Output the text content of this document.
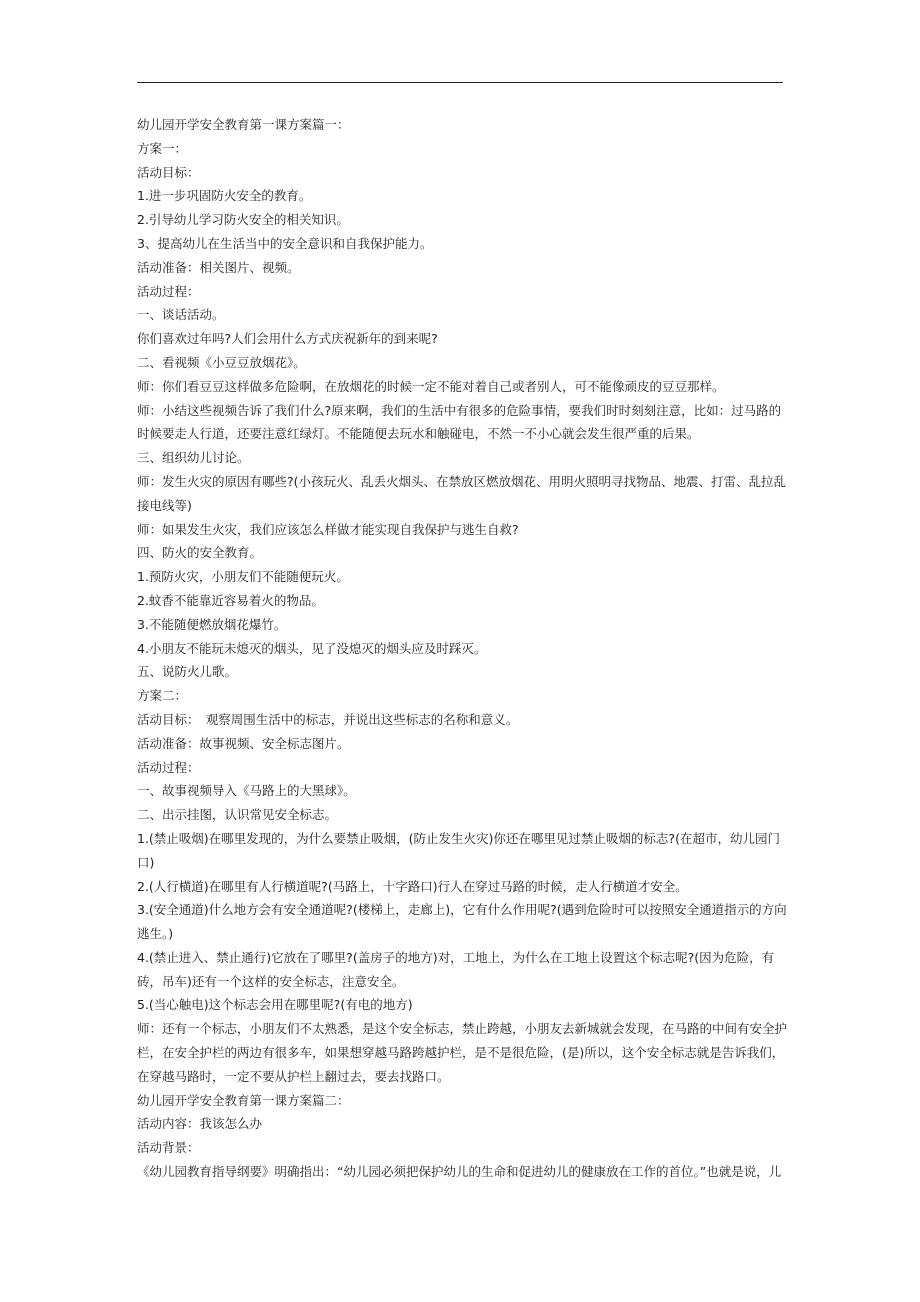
幼儿园开学安全教育第一课方案篇一：

方案一：

活动目标：

1.进一步巩固防火安全的教育。

2.引导幼儿学习防火安全的相关知识。

3、提高幼儿在生活当中的安全意识和自我保护能力。

活动准备：相关图片、视频。

活动过程：

一、谈话活动。

你们喜欢过年吗?人们会用什么方式庆祝新年的到来呢?

二、看视频《小豆豆放烟花》。

师：你们看豆豆这样做多危险啊，在放烟花的时候一定不能对着自己或者别人，可不能像顽皮的豆豆那样。

师：小结这些视频告诉了我们什么?原来啊，我们的生活中有很多的危险事情，要我们时时刻刻注意，比如：过马路的时候要走人行道，还要注意红绿灯。不能随便去玩水和触碰电，不然一不小心就会发生很严重的后果。

三、组织幼儿讨论。

师：发生火灾的原因有哪些?(小孩玩火、乱丢火烟头、在禁放区燃放烟花、用明火照明寻找物品、地震、打雷、乱拉乱接电线等)

师：如果发生火灾，我们应该怎么样做才能实现自我保护与逃生自救?

四、防火的安全教育。

1.预防火灾，小朋友们不能随便玩火。

2.蚊香不能靠近容易着火的物品。

3.不能随便燃放烟花爆竹。

4.小朋友不能玩未熄灭的烟头，见了没熄灭的烟头应及时踩灭。

五、说防火儿歌。

方案二：

活动目标：　观察周围生活中的标志，并说出这些标志的名称和意义。

活动准备：故事视频、安全标志图片。

活动过程：

一、故事视频导入《马路上的大黑球》。

二、出示挂图，认识常见安全标志。

1.(禁止吸烟)在哪里发现的，为什么要禁止吸烟，(防止发生火灾)你还在哪里见过禁止吸烟的标志?(在超市，幼儿园门口)

2.(人行横道)在哪里有人行横道呢?(马路上，十字路口)行人在穿过马路的时候，走人行横道才安全。

3.(安全通道)什么地方会有安全通道呢?(楼梯上，走廊上)，它有什么作用呢?(遇到危险时可以按照安全通道指示的方向逃生。)

4.(禁止进入、禁止通行)它放在了哪里?(盖房子的地方)对，工地上，为什么在工地上设置这个标志呢?(因为危险，有砖，吊车)还有一个这样的安全标志，注意安全。

5.(当心触电)这个标志会用在哪里呢?(有电的地方)

师：还有一个标志，小朋友们不太熟悉，是这个安全标志，禁止跨越，小朋友去新城就会发现，在马路的中间有安全护栏，在安全护栏的两边有很多车，如果想穿越马路跨越护栏，是不是很危险，(是)所以，这个安全标志就是告诉我们，在穿越马路时，一定不要从护栏上翻过去，要去找路口。

幼儿园开学安全教育第一课方案篇二：

活动内容：我该怎么办

活动背景：

《幼儿园教育指导纲要》明确指出：“幼儿园必须把保护幼儿的生命和促进幼儿的健康放在工作的首位。”也就是说，儿
